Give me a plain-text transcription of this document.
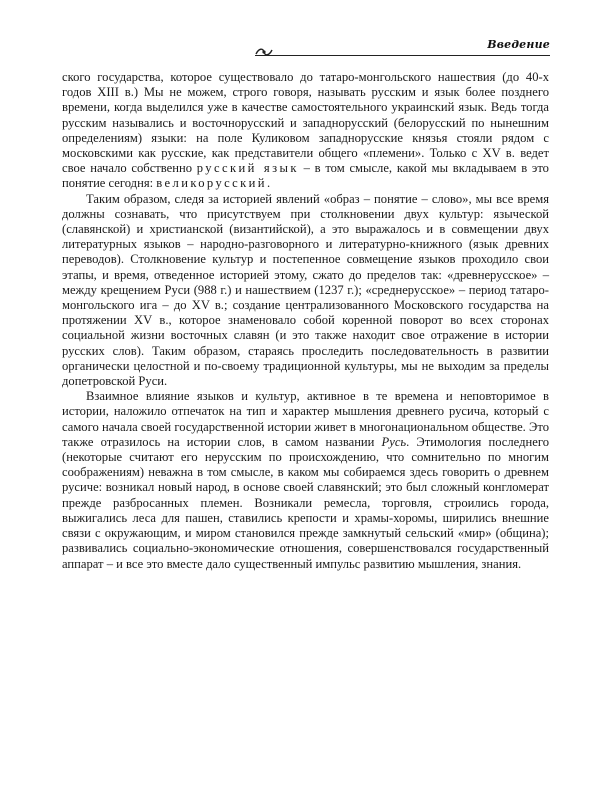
Введение

ского государства, которое существовало до татаро-монгольского нашествия (до 40-х годов XIII в.) Мы не можем, строго говоря, называть русским и язык более позднего времени, когда выделился уже в качестве самостоятельного украинский язык. Ведь тогда русским назывались и восточнорусский и западнорусский (белорусский по нынешним определениям) языки: на поле Куликовом западнорусские князья стояли рядом с московскими как русские, как представители общего «племени». Только с XV в. ведет свое начало собственно русский язык – в том смысле, какой мы вкладываем в это понятие сегодня: великорусский.

Таким образом, следя за историей явлений «образ – понятие – слово», мы все время должны сознавать, что присутствуем при столкновении двух культур: языческой (славянской) и христианской (византийской), а это выражалось и в совмещении двух литературных языков – народно-разговорного и литературно-книжного (язык древних переводов). Столкновение культур и постепенное совмещение языков проходило свои этапы, и время, отведенное историей этому, сжато до пределов так: «древнерусское» – между крещением Руси (988 г.) и нашествием (1237 г.); «среднерусское» – период татаро-монгольского ига – до XV в.; создание централизованного Московского государства на протяжении XV в., которое знаменовало собой коренной поворот во всех сторонах социальной жизни восточных славян (и это также находит свое отражение в истории русских слов). Таким образом, стараясь проследить последовательность в развитии органически целостной и по-своему традиционной культуры, мы не выходим за пределы допетровской Руси.

Взаимное влияние языков и культур, активное в те времена и неповторимое в истории, наложило отпечаток на тип и характер мышления древнего русича, который с самого начала своей государственной истории живет в многонациональном обществе. Это также отразилось на истории слов, в самом названии Русь. Этимология последнего (некоторые считают его нерусским по происхождению, что сомнительно по многим соображениям) неважна в том смысле, в каком мы собираемся здесь говорить о древнем русиче: возникал новый народ, в основе своей славянский; это был сложный конгломерат прежде разбросанных племен. Возникали ремесла, торговля, строились города, выжигались леса для пашен, ставились крепости и храмы-хоромы, ширились внешние связи с окружающим, и миром становился прежде замкнутый сельский «мир» (община); развивались социально-экономические отношения, совершенствовался государственный аппарат – и все это вместе дало существенный импульс развитию мышления, знания.
